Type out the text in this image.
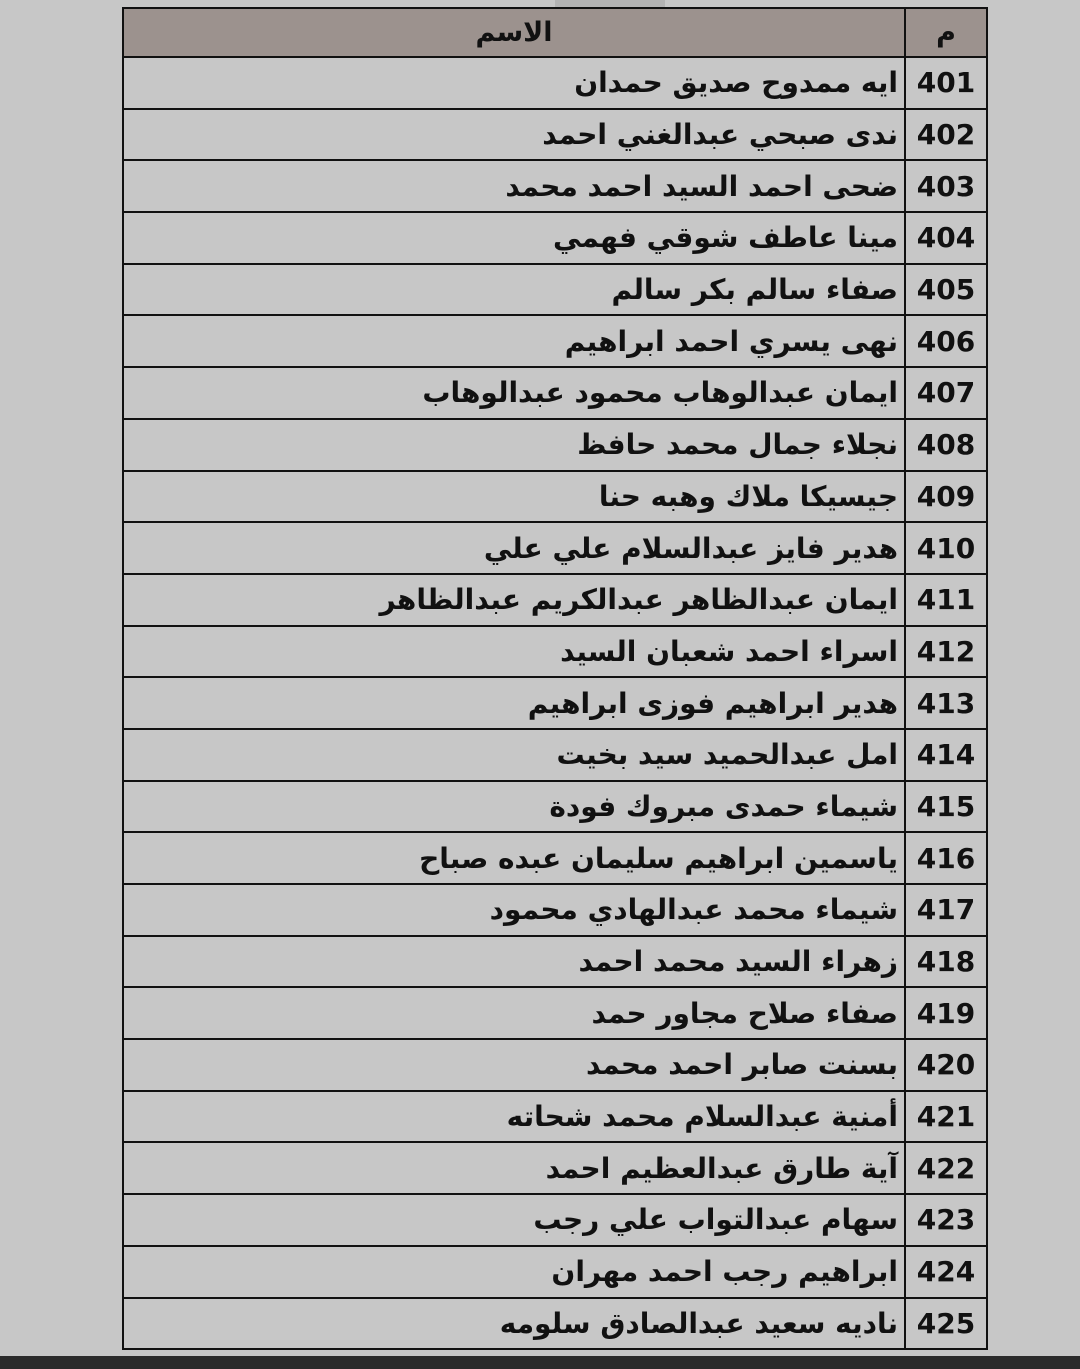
م	الاسم
401	ايه ممدوح صديق حمدان
402	ندى صبحي عبدالغني احمد
403	ضحى احمد السيد احمد محمد
404	مينا عاطف شوقي فهمي
405	صفاء سالم بكر سالم
406	نهى يسري احمد ابراهيم
407	ايمان عبدالوهاب محمود عبدالوهاب
408	نجلاء جمال محمد حافظ
409	جيسيكا ملاك وهبه حنا
410	هدير فايز عبدالسلام علي علي
411	ايمان عبدالظاهر عبدالكريم عبدالظاهر
412	اسراء احمد شعبان السيد
413	هدير ابراهيم فوزى ابراهيم
414	امل عبدالحميد سيد بخيت
415	شيماء حمدى مبروك فودة
416	ياسمين ابراهيم سليمان عبده صباح
417	شيماء محمد عبدالهادي محمود
418	زهراء السيد محمد احمد
419	صفاء صلاح مجاور حمد
420	بسنت صابر احمد محمد
421	أمنية عبدالسلام محمد شحاته
422	آية طارق عبدالعظيم احمد
423	سهام عبدالتواب علي رجب
424	ابراهيم رجب احمد مهران
425	ناديه سعيد عبدالصادق سلومه
